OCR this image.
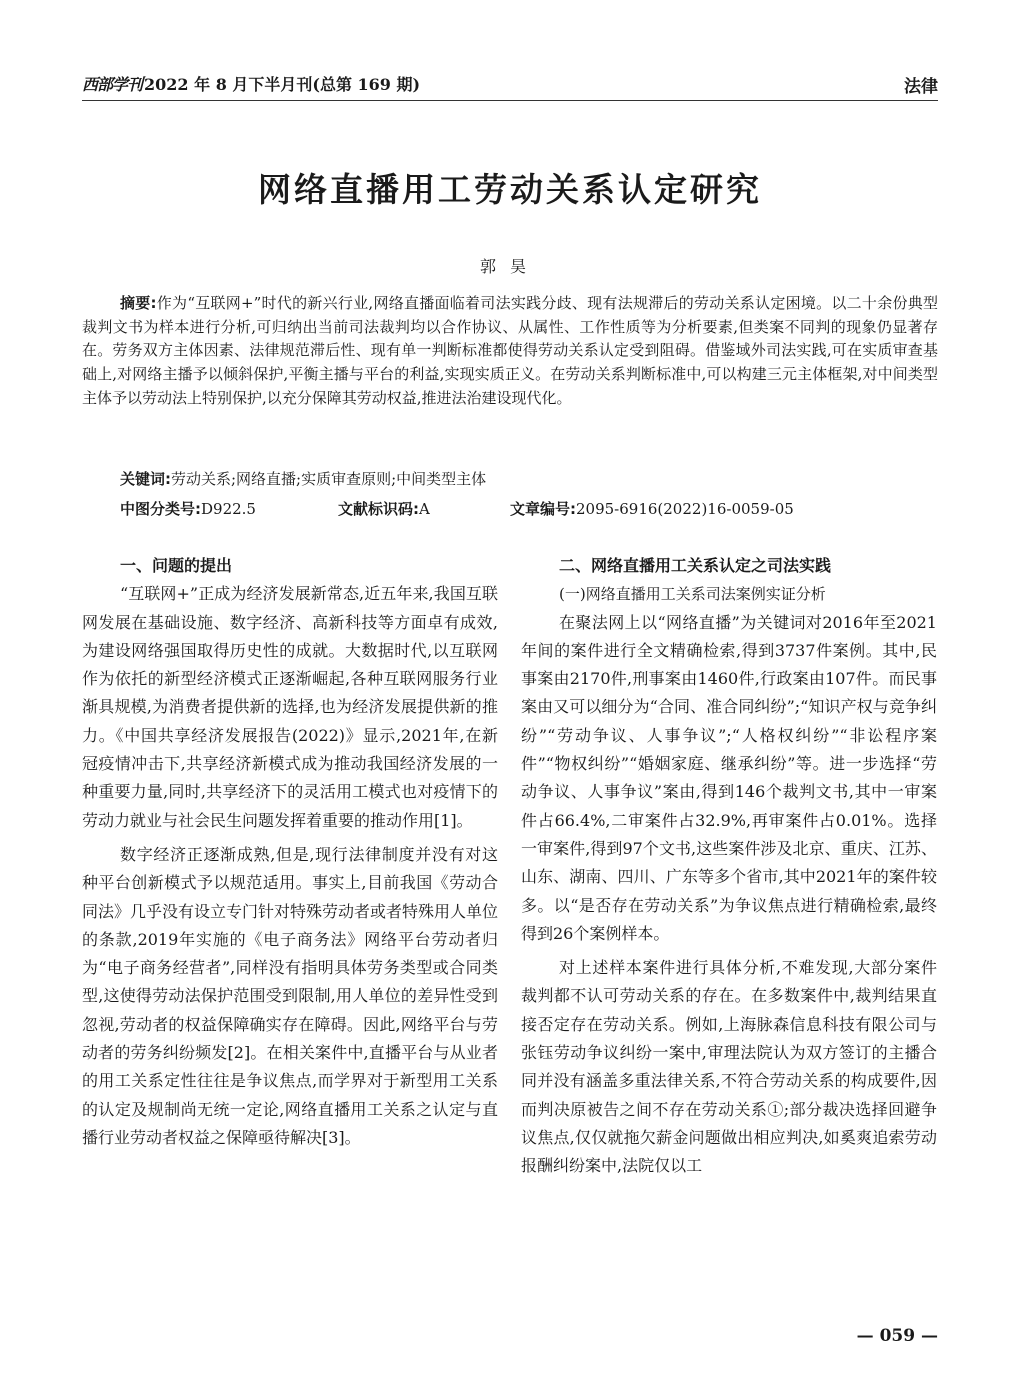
西部学刊 2022 年 8 月下半月刊(总第 169 期)	法律
网络直播用工劳动关系认定研究
郭昊
摘要:作为“互联网+”时代的新兴行业,网络直播面临着司法实践分歧、现有法规滞后的劳动关系认定困境。以二十余份典型裁判文书为样本进行分析,可归纳出当前司法裁判均以合作协议、从属性、工作性质等为分析要素,但类案不同判的现象仍显著存在。劳务双方主体因素、法律规范滞后性、现有单一判断标准都使得劳动关系认定受到阻碍。借鉴域外司法实践,可在实质审查基础上,对网络主播予以倾斜保护,平衡主播与平台的利益,实现实质正义。在劳动关系判断标准中,可以构建三元主体框架,对中间类型主体予以劳动法上特别保护,以充分保障其劳动权益,推进法治建设现代化。
关键词:劳动关系;网络直播;实质审查原则;中间类型主体
中图分类号:D922.5	文献标识码:A	文章编号:2095-6916(2022)16-0059-05
一、问题的提出

“互联网+”正成为经济发展新常态,近五年来,我国互联网发展在基础设施、数字经济、高新科技等方面卓有成效,为建设网络强国取得历史性的成就。大数据时代,以互联网作为依托的新型经济模式正逐渐崛起,各种互联网服务行业渐具规模,为消费者提供新的选择,也为经济发展提供新的推力。《中国共享经济发展报告(2022)》显示,2021年,在新冠疫情冲击下,共享经济新模式成为推动我国经济发展的一种重要力量,同时,共享经济下的灵活用工模式也对疫情下的劳动力就业与社会民生问题发挥着重要的推动作用[1]。

数字经济正逐渐成熟,但是,现行法律制度并没有对这种平台创新模式予以规范适用。事实上,目前我国《劳动合同法》几乎没有设立专门针对特殊劳动者或者特殊用人单位的条款,2019年实施的《电子商务法》网络平台劳动者归为“电子商务经营者”,同样没有指明具体劳务类型或合同类型,这使得劳动法保护范围受到限制,用人单位的差异性受到忽视,劳动者的权益保障确实存在障碍。因此,网络平台与劳动者的劳务纠纷频发[2]。在相关案件中,直播平台与从业者的用工关系定性往往是争议焦点,而学界对于新型用工关系的认定及规制尚无统一定论,网络直播用工关系之认定与直播行业劳动者权益之保障亟待解决[3]。

二、网络直播用工关系认定之司法实践
(一)网络直播用工关系司法案例实证分析

在聚法网上以“网络直播”为关键词对2016年至2021年间的案件进行全文精确检索,得到3737件案例。其中,民事案由2170件,刑事案由1460件,行政案由107件。而民事案由又可以细分为“合同、准合同纠纷”;“知识产权与竞争纠纷”“劳动争议、人事争议”;“人格权纠纷”“非讼程序案件”“物权纠纷”“婚姻家庭、继承纠纷”等。进一步选择“劳动争议、人事争议”案由,得到146个裁判文书,其中一审案件占66.4%,二审案件占32.9%,再审案件占0.01%。选择一审案件,得到97个文书,这些案件涉及北京、重庆、江苏、山东、湖南、四川、广东等多个省市,其中2021年的案件较多。以“是否存在劳动关系”为争议焦点进行精确检索,最终得到26个案例样本。

对上述样本案件进行具体分析,不难发现,大部分案件裁判都不认可劳动关系的存在。在多数案件中,裁判结果直接否定存在劳动关系。例如,上海脉森信息科技有限公司与张钰劳动争议纠纷一案中,审理法院认为双方签订的主播合同并没有涵盖多重法律关系,不符合劳动关系的构成要件,因而判决原被告之间不存在劳动关系①;部分裁决选择回避争议焦点,仅仅就拖欠薪金问题做出相应判决,如奚爽追索劳动报酬纠纷案中,法院仅以工

— 059 —
